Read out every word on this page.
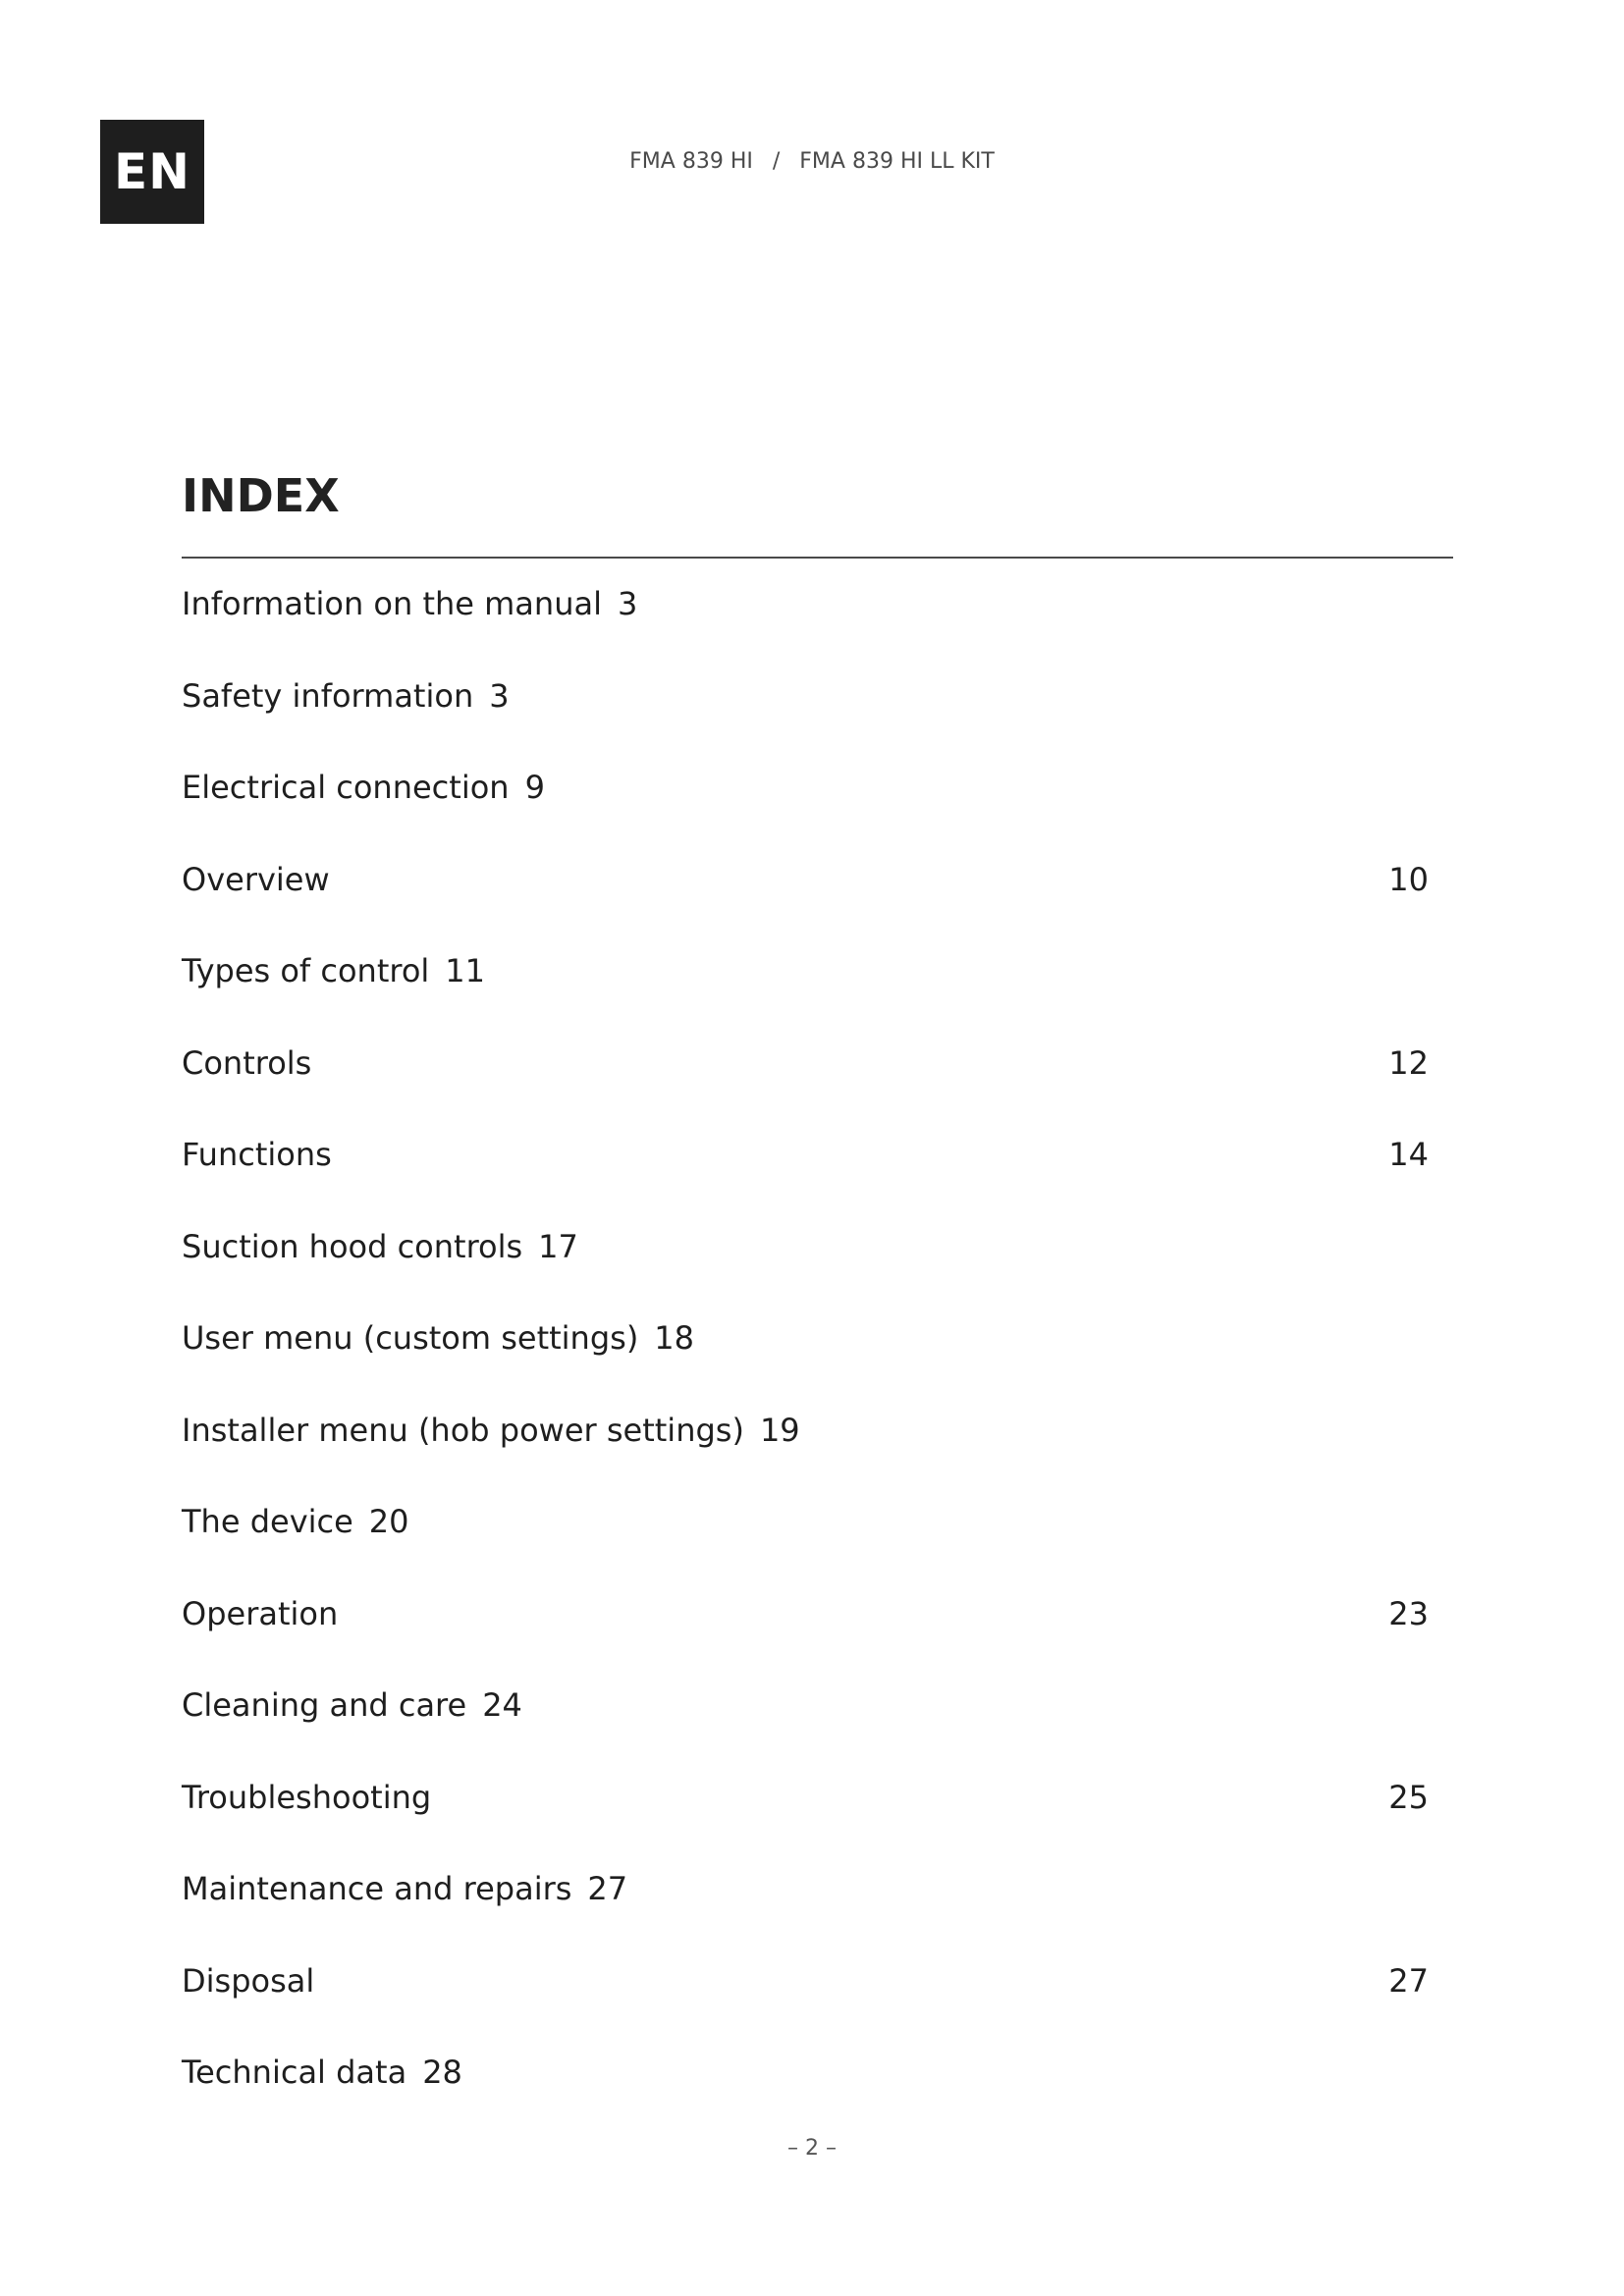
EN	FMA 839 HI / FMA 839 HI LL KIT
INDEX
Information on the manual 3
Safety information 3
Electrical connection 9
Overview	10
Types of control 11
Controls	12
Functions	14
Suction hood controls 17
User menu (custom settings) 18
Installer menu (hob power settings) 19
The device 20
Operation	23
Cleaning and care 24
Troubleshooting	25
Maintenance and repairs 27
Disposal	27
Technical data 28
– 2 –
